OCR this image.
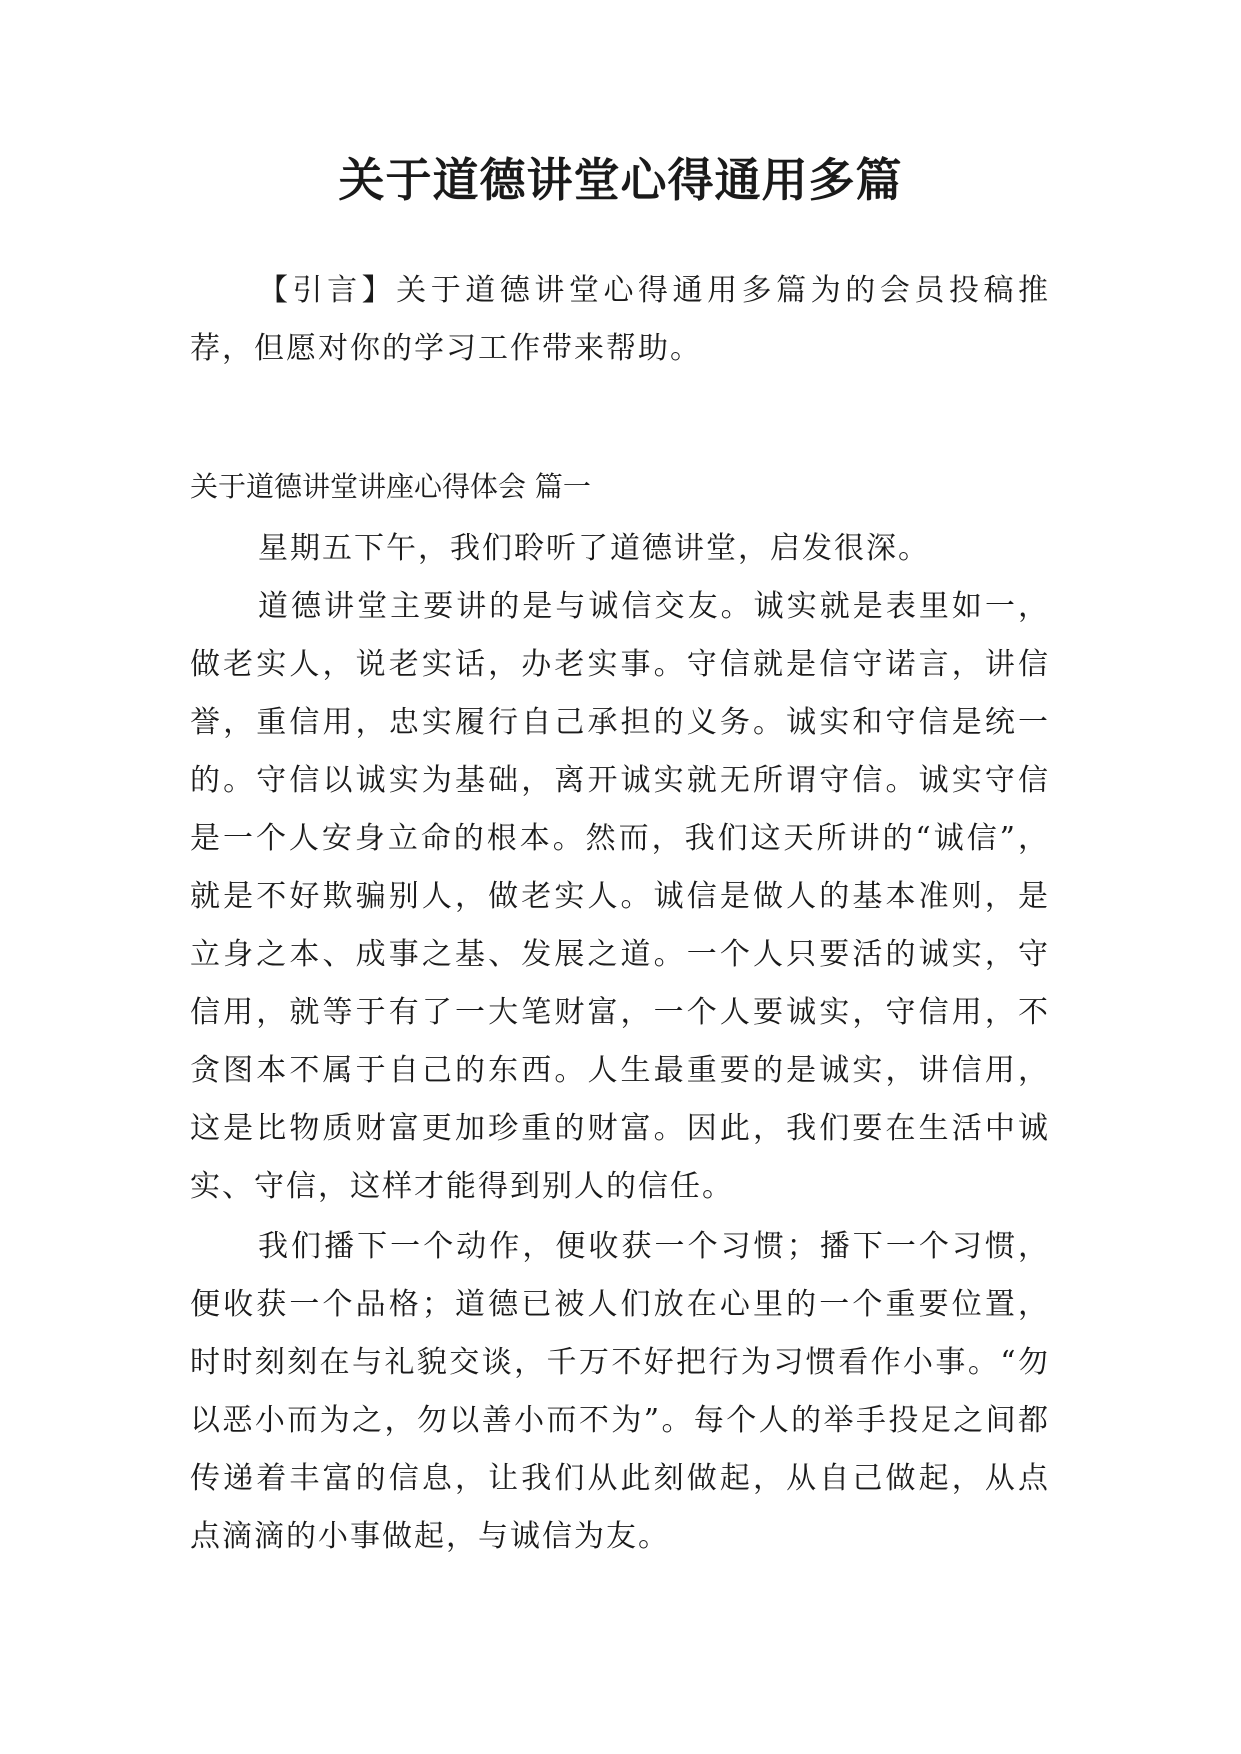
关于道德讲堂心得通用多篇

【引言】关于道德讲堂心得通用多篇为的会员投稿推荐，但愿对你的学习工作带来帮助。

关于道德讲堂讲座心得体会 篇一

星期五下午，我们聆听了道德讲堂，启发很深。

道德讲堂主要讲的是与诚信交友。诚实就是表里如一，做老实人，说老实话，办老实事。守信就是信守诺言，讲信誉，重信用，忠实履行自己承担的义务。诚实和守信是统一的。守信以诚实为基础，离开诚实就无所谓守信。诚实守信是一个人安身立命的根本。然而，我们这天所讲的“诚信”，就是不好欺骗别人，做老实人。诚信是做人的基本准则，是立身之本、成事之基、发展之道。一个人只要活的诚实，守信用，就等于有了一大笔财富，一个人要诚实，守信用，不贪图本不属于自己的东西。人生最重要的是诚实，讲信用，这是比物质财富更加珍重的财富。因此，我们要在生活中诚实、守信，这样才能得到别人的信任。

我们播下一个动作，便收获一个习惯；播下一个习惯，便收获一个品格；道德已被人们放在心里的一个重要位置，时时刻刻在与礼貌交谈，千万不好把行为习惯看作小事。“勿以恶小而为之，勿以善小而不为”。每个人的举手投足之间都传递着丰富的信息，让我们从此刻做起，从自己做起，从点点滴滴的小事做起，与诚信为友。
